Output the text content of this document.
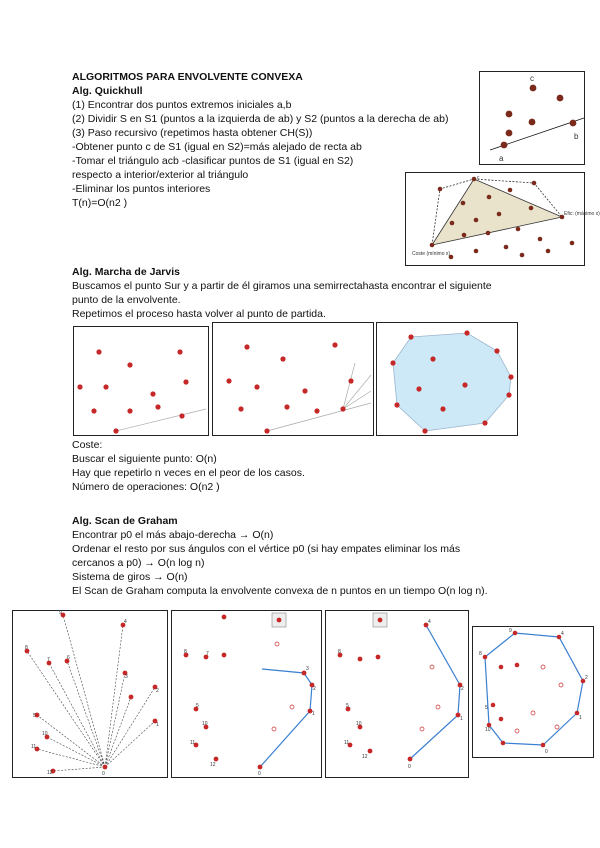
ALGORITMOS PARA ENVOLVENTE CONVEXA
Alg. Quickhull
(1) Encontrar dos puntos extremos iniciales a,b
(2) Dividir S en S1 (puntos a la izquierda de ab) y S2 (puntos a la derecha de ab)
(3) Paso recursivo (repetimos hasta obtener CH(S))
-Obtener punto c de S1 (igual en S2)=más alejado de recta ab
-Tomar el triángulo acb -clasificar puntos de S1 (igual en S2)
respecto a interior/exterior al triángulo
-Eliminar los puntos interiores
T(n)=O(n2 )
c
b
a
c
Efic: (máximo x)
Coste (mínimo x)
Alg. Marcha de Jarvis
Buscamos el punto Sur y a partir de él giramos una semirrectahasta encontrar el siguiente
punto de la envolvente.
Repetimos el proceso hasta volver al punto de partida.
Coste:
Buscar el siguiente punto: O(n)
Hay que repetirlo n veces en el peor de los casos.
Número de operaciones: O(n2 )
Alg. Scan de Graham
Encontrar p0 el más abajo-derecha → O(n)
Ordenar el resto por sus ángulos con el vértice p0 (si hay empates eliminar los más
cercanos a p0) → O(n log n)
Sistema de giros → O(n)
El Scan de Graham computa la envolvente convexa de n puntos en un tiempo O(n log n).
0
1
2
3
4
5
6
7
8
9
10
11
12	0
1
2
3
5
7
8
10
11
12	0
1
2
4
5
8
10
11
12
0
1
2
4
5
8
9
10
